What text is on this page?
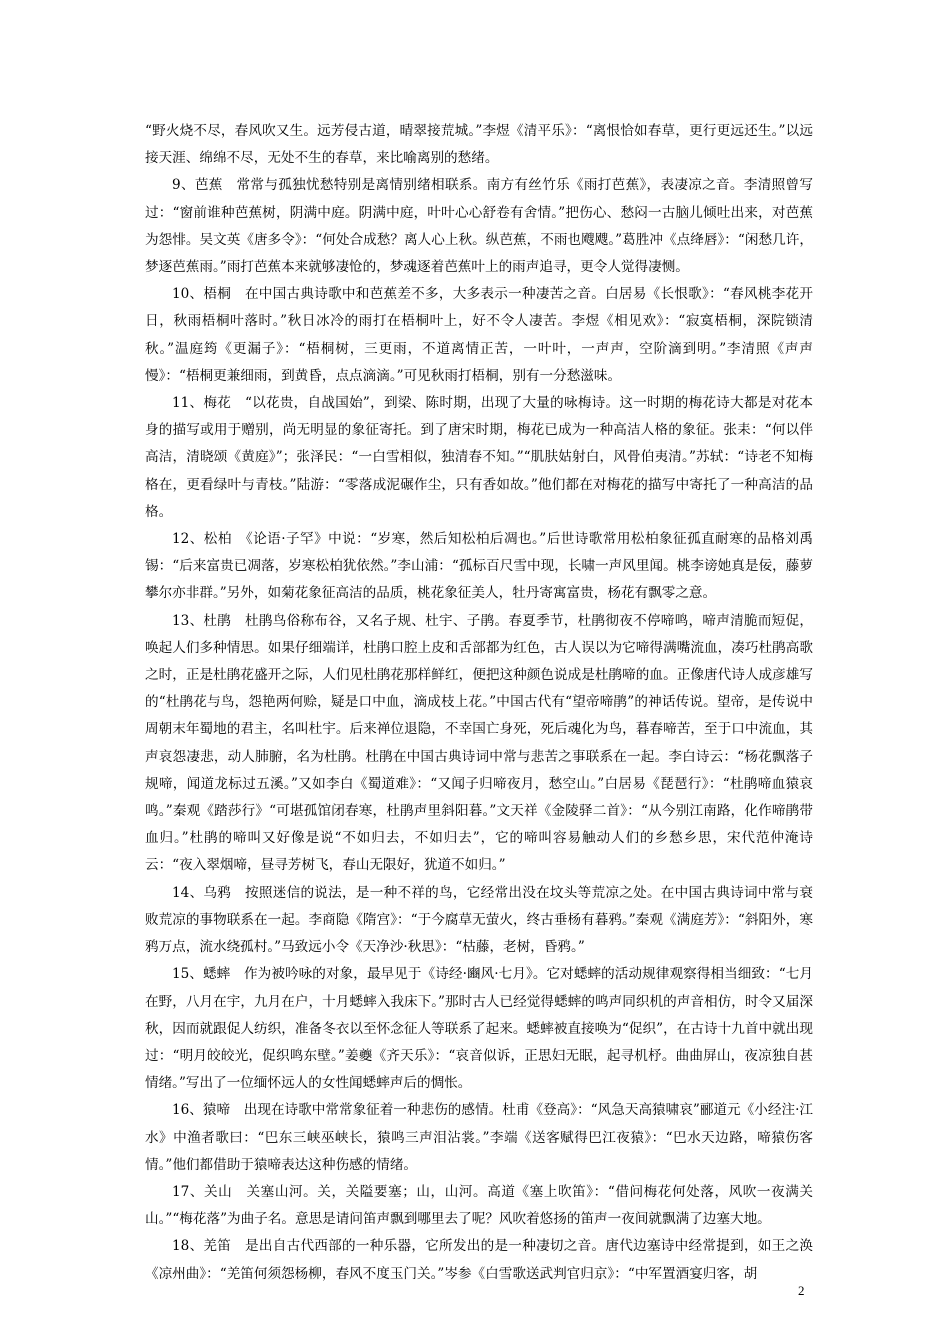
“野火烧不尽，春风吹又生。远芳侵古道，晴翠接荒城。”李煜《清平乐》：“离恨恰如春草，更行更远还生。”以远接天涯、绵绵不尽，无处不生的春草，来比喻离别的愁绪。

9、芭蕉　常常与孤独忧愁特别是离情别绪相联系。南方有丝竹乐《雨打芭蕉》，表凄凉之音。李清照曾写过：“窗前谁种芭蕉树，阴满中庭。阴满中庭，叶叶心心舒卷有舍情。”把伤心、愁闷一古脑儿倾吐出来，对芭蕉为怨悱。吴文英《唐多令》：“何处合成愁？离人心上秋。纵芭蕉，不雨也飕飕。”葛胜冲《点绛唇》：“闲愁几许，梦逐芭蕉雨。”雨打芭蕉本来就够凄怆的，梦魂逐着芭蕉叶上的雨声追寻，更令人觉得凄恻。

10、梧桐　在中国古典诗歌中和芭蕉差不多，大多表示一种凄苦之音。白居易《长恨歌》：“春风桃李花开日，秋雨梧桐叶落时。”秋日冰冷的雨打在梧桐叶上，好不令人凄苦。李煜《相见欢》：“寂寞梧桐，深院锁清秋。”温庭筠《更漏子》：“梧桐树，三更雨，不道离情正苦，一叶叶，一声声，空阶滴到明。”李清照《声声慢》：“梧桐更兼细雨，到黄昏，点点滴滴。”可见秋雨打梧桐，别有一分愁滋味。

11、梅花　“以花贵，自战国始”，到梁、陈时期，出现了大量的咏梅诗。这一时期的梅花诗大都是对花本身的描写或用于赠别，尚无明显的象征寄托。到了唐宋时期，梅花已成为一种高洁人格的象征。张耒：“何以伴高洁，清晓颂《黄庭》”；张泽民：“一白雪相似，独清春不知。”“肌肤姑射白，风骨伯夷清。”苏轼：“诗老不知梅格在，更看绿叶与青枝。”陆游：“零落成泥碾作尘，只有香如故。”他们都在对梅花的描写中寄托了一种高洁的品格。

12、松柏　《论语·子罕》中说：“岁寒，然后知松柏后凋也。”后世诗歌常用松柏象征孤直耐寒的品格刘禹锡：“后来富贵已凋落，岁寒松柏犹依然。”李山浦：“孤标百尺雪中现，长啸一声风里闻。桃李谤她真是佞，藤萝攀尔亦非群。”另外，如菊花象征高洁的品质，桃花象征美人，牡丹寄寓富贵，杨花有飘零之意。

13、杜鹃　杜鹃鸟俗称布谷，又名子规、杜宇、子鹃。春夏季节，杜鹃彻夜不停啼鸣，啼声清脆而短促，唤起人们多种情思。如果仔细端详，杜鹃口腔上皮和舌部都为红色，古人误以为它啼得满嘴流血，凑巧杜鹃高歌之时，正是杜鹃花盛开之际，人们见杜鹃花那样鲜红，便把这种颜色说成是杜鹃啼的血。正像唐代诗人成彦雄写的“杜鹃花与鸟，怨艳两何赊，疑是口中血，滴成枝上花。”中国古代有“望帝啼鹃”的神话传说。望帝，是传说中周朝末年蜀地的君主，名叫杜宇。后来禅位退隐，不幸国亡身死，死后魂化为鸟，暮春啼苦，至于口中流血，其声哀怨凄悲，动人肺腑，名为杜鹃。杜鹃在中国古典诗词中常与悲苦之事联系在一起。李白诗云：“杨花飘落子规啼，闻道龙标过五溪。”又如李白《蜀道难》：“又闻子归啼夜月，愁空山。”白居易《琵琶行》：“杜鹃啼血猿哀鸣。”秦观《踏莎行》“可堪孤馆闭春寒，杜鹃声里斜阳暮。”文天祥《金陵驿二首》：“从今别江南路，化作啼鹃带血归。”杜鹃的啼叫又好像是说“不如归去，不如归去”，它的啼叫容易触动人们的乡愁乡思，宋代范仲淹诗云：“夜入翠烟啼，昼寻芳树飞，春山无限好，犹道不如归。”

14、乌鸦　按照迷信的说法，是一种不祥的鸟，它经常出没在坟头等荒凉之处。在中国古典诗词中常与衰败荒凉的事物联系在一起。李商隐《隋宫》：“于今腐草无萤火，终古垂杨有暮鸦。”秦观《满庭芳》：“斜阳外，寒鸦万点，流水绕孤村。”马致远小令《天净沙·秋思》：“枯藤，老树，昏鸦。”

15、蟋蟀　作为被吟咏的对象，最早见于《诗经·豳风·七月》。它对蟋蟀的活动规律观察得相当细致：“七月在野，八月在宇，九月在户，十月蟋蟀入我床下。”那时古人已经觉得蟋蟀的鸣声同织机的声音相仿，时令又届深秋，因而就跟促人纺织，准备冬衣以至怀念征人等联系了起来。蟋蟀被直接唤为“促织”，在古诗十九首中就出现过：“明月皎皎光，促织鸣东壁。”姜夔《齐天乐》：“哀音似诉，正思妇无眠，起寻机杼。曲曲屏山，夜凉独自甚情绪。”写出了一位缅怀远人的女性闻蟋蟀声后的惆怅。

16、猿啼　出现在诗歌中常常象征着一种悲伤的感情。杜甫《登高》：“风急天高猿啸哀”郦道元《小经注·江水》中渔者歌曰：“巴东三峡巫峡长，猿鸣三声泪沾裳。”李端《送客赋得巴江夜猿》：“巴水天边路，啼猿伤客情。”他们都借助于猿啼表达这种伤感的情绪。

17、关山　关塞山河。关，关隘要塞；山，山河。高道《塞上吹笛》：“借问梅花何处落，风吹一夜满关山。”“梅花落”为曲子名。意思是请问笛声飘到哪里去了呢？风吹着悠扬的笛声一夜间就飘满了边塞大地。

18、羌笛　是出自古代西部的一种乐器，它所发出的是一种凄切之音。唐代边塞诗中经常提到，如王之涣《凉州曲》：“羌笛何须怨杨柳，春风不度玉门关。”岑参《白雪歌送武判官归京》：“中军置酒宴归客，胡

2
